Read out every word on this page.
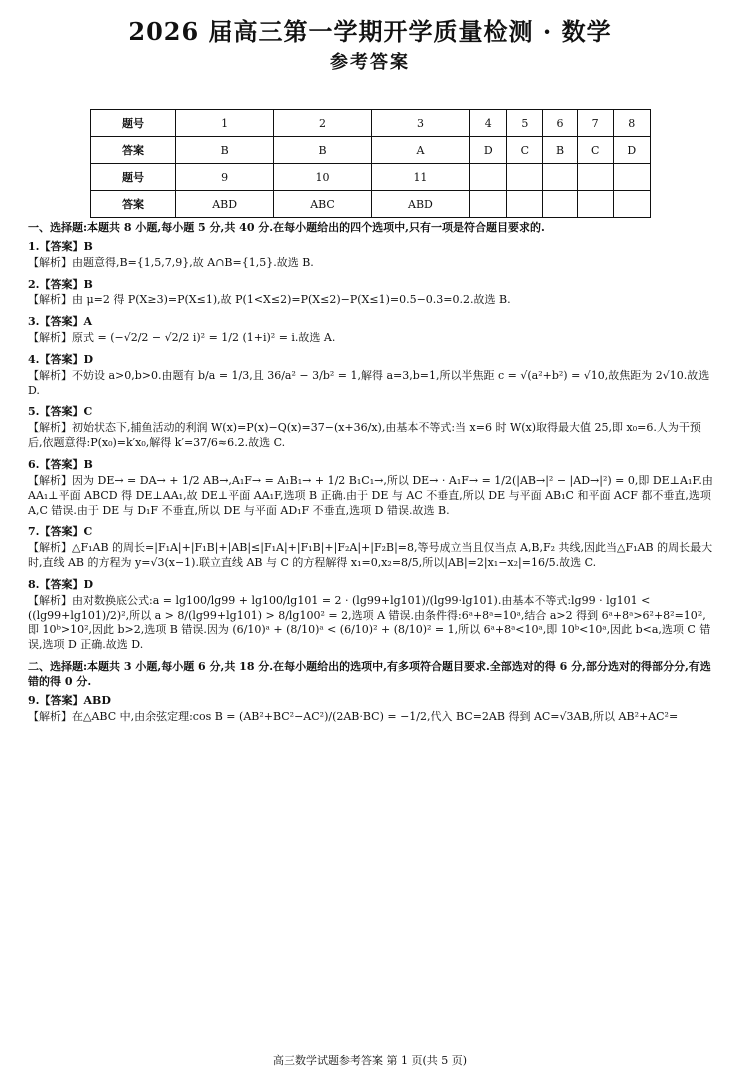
2026 届高三第一学期开学质量检测 · 数学
参考答案
题号	1	2	3	4	5	6	7	8
答案	B	B	A	D	C	B	C	D
题号	9	10	11					
答案	ABD	ABC	ABD					
一、选择题:本题共 8 小题,每小题 5 分,共 40 分.在每小题给出的四个选项中,只有一项是符合题目要求的.
1.【答案】B
【解析】由题意得,B={1,5,7,9},故 A∩B={1,5}.故选 B.
2.【答案】B
【解析】由 μ=2 得 P(X≥3)=P(X≤1),故 P(1<X≤2)=P(X≤2)−P(X≤1)=0.5−0.3=0.2.故选 B.
3.【答案】A
【解析】原式 = (−√2/2 − √2/2 i)² = 1/2 (1+i)² = i.故选 A.
4.【答案】D
【解析】不妨设 a>0,b>0.由题有 b/a = 1/3,且 36/a² − 3/b² = 1,解得 a=3,b=1,所以半焦距 c = √(a²+b²) = √10,故焦距为 2√10.故选 D.
5.【答案】C
【解析】初始状态下,捕鱼活动的利润 W(x)=P(x)−Q(x)=37−(x+36/x),由基本不等式:当 x=6 时 W(x)取得最大值 25,即 x₀=6.人为干预后,依题意得:P(x₀)=k′x₀,解得 k′=37/6≈6.2.故选 C.
6.【答案】B
【解析】因为 DE→ = DA→ + 1/2 AB→,A₁F→ = A₁B₁→ + 1/2 B₁C₁→,所以 DE→ · A₁F→ = 1/2(|AB→|² − |AD→|²) = 0,即 DE⊥A₁F.由 AA₁⊥平面 ABCD 得 DE⊥AA₁,故 DE⊥平面 AA₁F,选项 B 正确.由于 DE 与 AC 不垂直,所以 DE 与平面 AB₁C 和平面 ACF 都不垂直,选项 A,C 错误.由于 DE 与 D₁F 不垂直,所以 DE 与平面 AD₁F 不垂直,选项 D 错误.故选 B.
7.【答案】C
【解析】△F₁AB 的周长=|F₁A|+|F₁B|+|AB|≤|F₁A|+|F₁B|+|F₂A|+|F₂B|=8,等号成立当且仅当点 A,B,F₂ 共线,因此当△F₁AB 的周长最大时,直线 AB 的方程为 y=√3(x−1).联立直线 AB 与 C 的方程解得 x₁=0,x₂=8/5,所以|AB|=2|x₁−x₂|=16/5.故选 C.
8.【答案】D
【解析】由对数换底公式:a = lg100/lg99 + lg100/lg101 = 2 · (lg99+lg101)/(lg99·lg101).由基本不等式:lg99 · lg101 < ((lg99+lg101)/2)²,所以 a > 8/(lg99+lg101) > 8/lg100² = 2,选项 A 错误.由条件得:6ᵃ+8ᵃ=10ᵃ,结合 a>2 得到 6ᵃ+8ᵃ>6²+8²=10²,即 10ᵇ>10²,因此 b>2,选项 B 错误.因为 (6/10)ᵃ + (8/10)ᵃ < (6/10)² + (8/10)² = 1,所以 6ᵃ+8ᵃ<10ᵃ,即 10ᵇ<10ᵃ,因此 b<a,选项 C 错误,选项 D 正确.故选 D.
二、选择题:本题共 3 小题,每小题 6 分,共 18 分.在每小题给出的选项中,有多项符合题目要求.全部选对的得 6 分,部分选对的得部分分,有选错的得 0 分.
9.【答案】ABD
【解析】在△ABC 中,由余弦定理:cos B = (AB²+BC²−AC²)/(2AB·BC) = −1/2,代入 BC=2AB 得到 AC=√3AB,所以 AB²+AC²=
高三数学试题参考答案 第 1 页(共 5 页)
